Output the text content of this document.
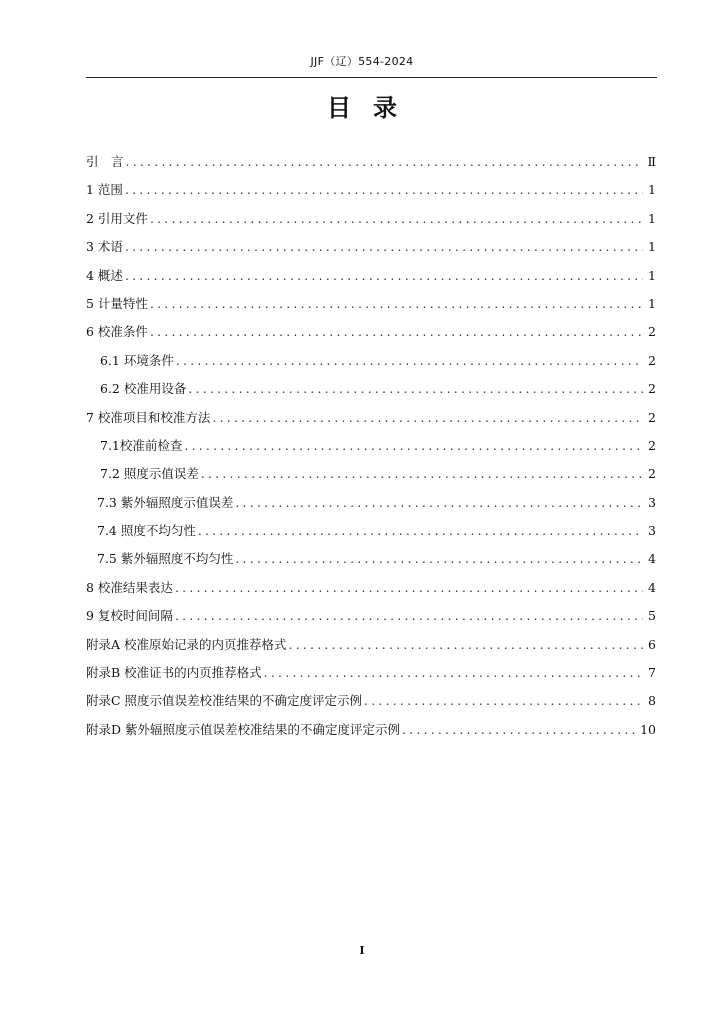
JJF（辽）554-2024
目录
引　言 .....	Ⅱ
1 范围 .....	1
2 引用文件 .....	1
3 术语 .....	1
4 概述 .....	1
5 计量特性 .....	1
6 校准条件 .....	2
6.1 环境条件 .....	2
6.2 校准用设备 .....	2
7 校准项目和校准方法 .....	2
7.1校准前检查 .....	2
7.2 照度示值误差 .....	2
7.3 紫外辐照度示值误差 .....	3
7.4 照度不均匀性 .....	3
7.5 紫外辐照度不均匀性 .....	4
8 校准结果表达 .....	4
9 复校时间间隔 .....	5
附录A 校准原始记录的内页推荐格式 .....	6
附录B 校准证书的内页推荐格式 .....	7
附录C 照度示值误差校准结果的不确定度评定示例 .....	8
附录D 紫外辐照度示值误差校准结果的不确定度评定示例 .....	10
I
